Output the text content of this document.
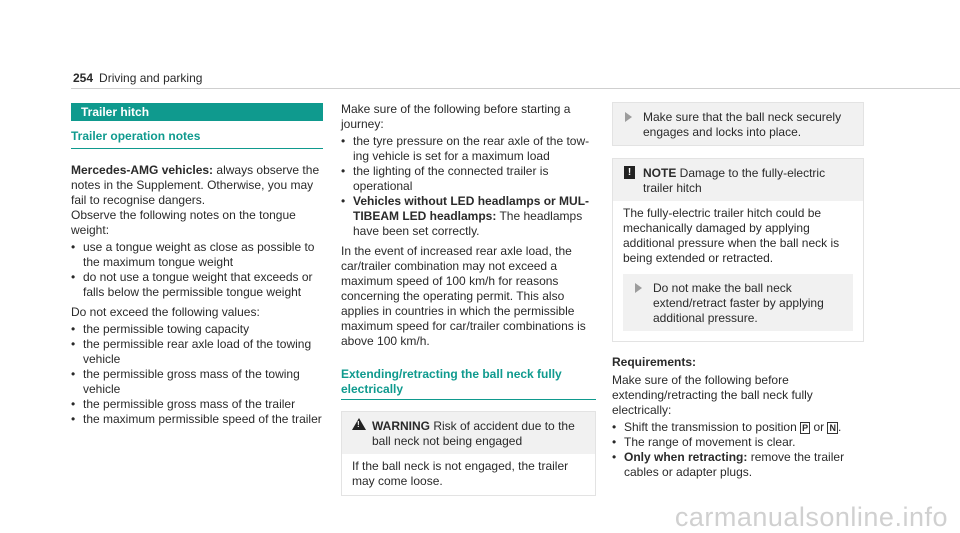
254 Driving and parking
Trailer hitch
Trailer operation notes

Mercedes-AMG vehicles: always observe the notes in the Supplement. Otherwise, you may fail to recognise dangers.

Observe the following notes on the tongue weight:

• use a tongue weight as close as possible to the maximum tongue weight
• do not use a tongue weight that exceeds or falls below the permissible tongue weight

Do not exceed the following values:

• the permissible towing capacity
• the permissible rear axle load of the towing vehicle
• the permissible gross mass of the towing vehicle
• the permissible gross mass of the trailer
• the maximum permissible speed of the trailer

Make sure of the following before starting a journey:

• the tyre pressure on the rear axle of the tow-ing vehicle is set for a maximum load
• the lighting of the connected trailer is operational
• Vehicles without LED headlamps or MUL-TIBEAM LED headlamps: The headlamps have been set correctly.

In the event of increased rear axle load, the car/trailer combination may not exceed a maximum speed of 100 km/h for reasons concerning the operating permit. This also applies in countries in which the permissible maximum speed for car/trailer combinations is above 100 km/h.

Extending/retracting the ball neck fully electrically
! WARNING Risk of accident due to the ball neck not being engaged
If the ball neck is not engaged, the trailer may come loose.
Make sure that the ball neck securely engages and locks into place.
! NOTE Damage to the fully-electric trailer hitch
The fully-electric trailer hitch could be mechanically damaged by applying additional pressure when the ball neck is being extended or retracted.
Do not make the ball neck extend/retract faster by applying additional pressure.

Requirements:

Make sure of the following before extending/retracting the ball neck fully electrically:

• Shift the transmission to position P or N .
• The range of movement is clear.
• Only when retracting: remove the trailer cables or adapter plugs.
carmanualsonline.info
